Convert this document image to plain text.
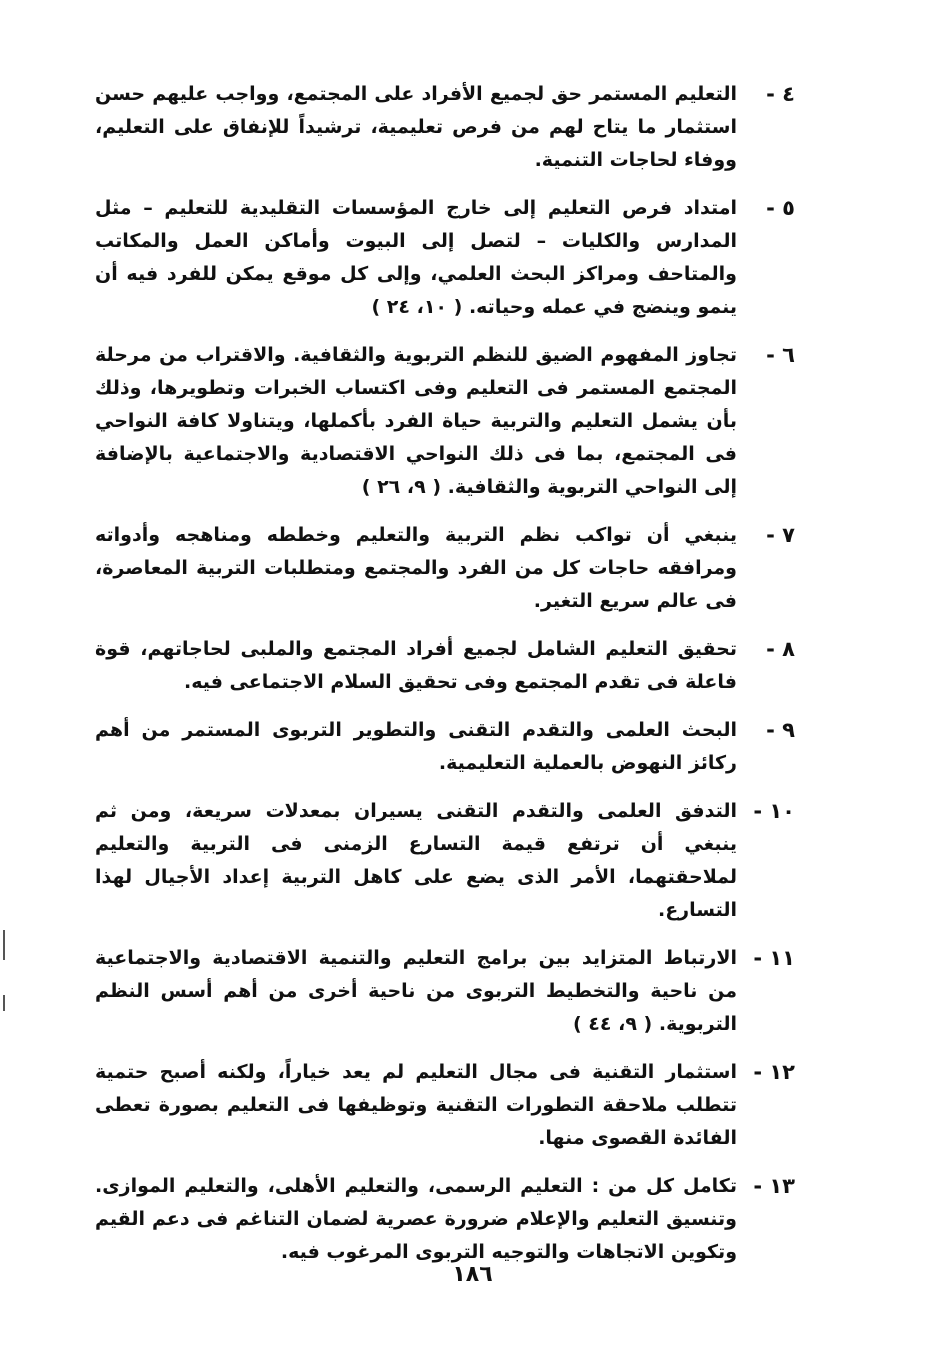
٤ -
التعليم المستمر حق لجميع الأفراد على المجتمع، وواجب عليهم حسن استثمار ما يتاح لهم من فرص تعليمية، ترشيداً للإنفاق على التعليم، ووفاء لحاجات التنمية.
٥ -
امتداد فرص التعليم إلى خارج المؤسسات التقليدية للتعليم – مثل المدارس والكليات – لتصل إلى البيوت وأماكن العمل والمكاتب والمتاحف ومراكز البحث العلمي، وإلى كل موقع يمكن للفرد فيه أن ينمو وينضج في عمله وحياته. ( ١٠، ٢٤ )
٦ -
تجاوز المفهوم الضيق للنظم التربوية والثقافية. والاقتراب من مرحلة المجتمع المستمر فى التعليم وفى اكتساب الخبرات وتطويرها، وذلك بأن يشمل التعليم والتربية حياة الفرد بأكملها، ويتناولا كافة النواحي فى المجتمع، بما فى ذلك النواحي الاقتصادية والاجتماعية بالإضافة إلى النواحي التربوية والثقافية. ( ٩، ٢٦ )
٧ -
ينبغي أن تواكب نظم التربية والتعليم وخططه ومناهجه وأدواته ومرافقه حاجات كل من الفرد والمجتمع ومتطلبات التربية المعاصرة، فى عالم سريع التغير.
٨ -
تحقيق التعليم الشامل لجميع أفراد المجتمع والملبى لحاجاتهم، قوة فاعلة فى تقدم المجتمع وفى تحقيق السلام الاجتماعى فيه.
٩ -
البحث العلمى والتقدم التقنى والتطوير التربوى المستمر من أهم ركائز النهوض بالعملية التعليمية.
١٠ -
التدفق العلمى والتقدم التقنى يسيران بمعدلات سريعة، ومن ثم ينبغي أن ترتفع قيمة التسارع الزمنى فى التربية والتعليم لملاحقتهما، الأمر الذى يضع على كاهل التربية إعداد الأجيال لهذا التسارع.
١١ -
الارتباط المتزايد بين برامج التعليم والتنمية الاقتصادية والاجتماعية من ناحية والتخطيط التربوى من ناحية أخرى من أهم أسس النظم التربوية. ( ٩، ٤٤ )
١٢ -
استثمار التقنية فى مجال التعليم لم يعد خياراً، ولكنه أصبح حتمية تتطلب ملاحقة التطورات التقنية وتوظيفها فى التعليم بصورة تعطى الفائدة القصوى منها.
١٣ -
تكامل كل من : التعليم الرسمى، والتعليم الأهلى، والتعليم الموازى. وتنسيق التعليم والإعلام ضرورة عصرية لضمان التناغم فى دعم القيم وتكوين الاتجاهات والتوجيه التربوى المرغوب فيه.
١٨٦
